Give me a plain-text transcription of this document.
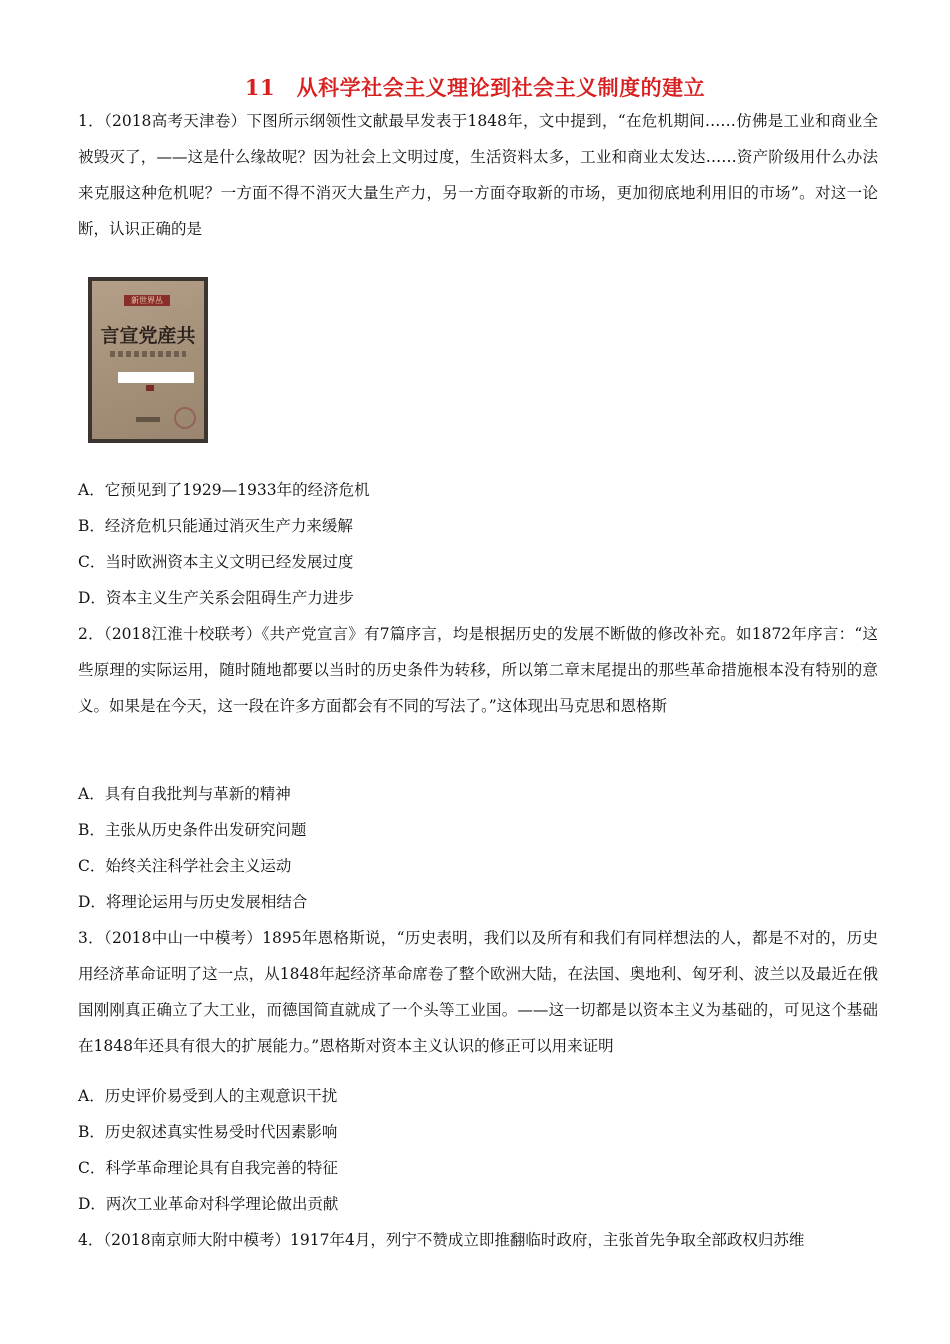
11　从科学社会主义理论到社会主义制度的建立
1．（2018高考天津卷）下图所示纲领性文献最早发表于1848年，文中提到，“在危机期间……仿佛是工业和商业全被毁灭了，——这是什么缘故呢？因为社会上文明过度，生活资料太多，工业和商业太发达……资产阶级用什么办法来克服这种危机呢？一方面不得不消灭大量生产力，另一方面夺取新的市场，更加彻底地利用旧的市场”。对这一论断，认识正确的是
新世界丛
言宣党産共
A．它预见到了1929—1933年的经济危机
B．经济危机只能通过消灭生产力来缓解
C．当时欧洲资本主义文明已经发展过度
D．资本主义生产关系会阻碍生产力进步
2．（2018江淮十校联考）《共产党宣言》有7篇序言，均是根据历史的发展不断做的修改补充。如1872年序言：“这些原理的实际运用，随时随地都要以当时的历史条件为转移，所以第二章末尾提出的那些革命措施根本没有特别的意义。如果是在今天，这一段在许多方面都会有不同的写法了。”这体现出马克思和恩格斯
A．具有自我批判与革新的精神
B．主张从历史条件出发研究问题
C．始终关注科学社会主义运动
D．将理论运用与历史发展相结合
3．（2018中山一中模考）1895年恩格斯说，“历史表明，我们以及所有和我们有同样想法的人，都是不对的，历史用经济革命证明了这一点，从1848年起经济革命席卷了整个欧洲大陆，在法国、奥地利、匈牙利、波兰以及最近在俄国刚刚真正确立了大工业，而德国简直就成了一个头等工业国。——这一切都是以资本主义为基础的，可见这个基础在1848年还具有很大的扩展能力。”恩格斯对资本主义认识的修正可以用来证明
A．历史评价易受到人的主观意识干扰
B．历史叙述真实性易受时代因素影响
C．科学革命理论具有自我完善的特征
D．两次工业革命对科学理论做出贡献
4．（2018南京师大附中模考）1917年4月，列宁不赞成立即推翻临时政府，主张首先争取全部政权归苏维
